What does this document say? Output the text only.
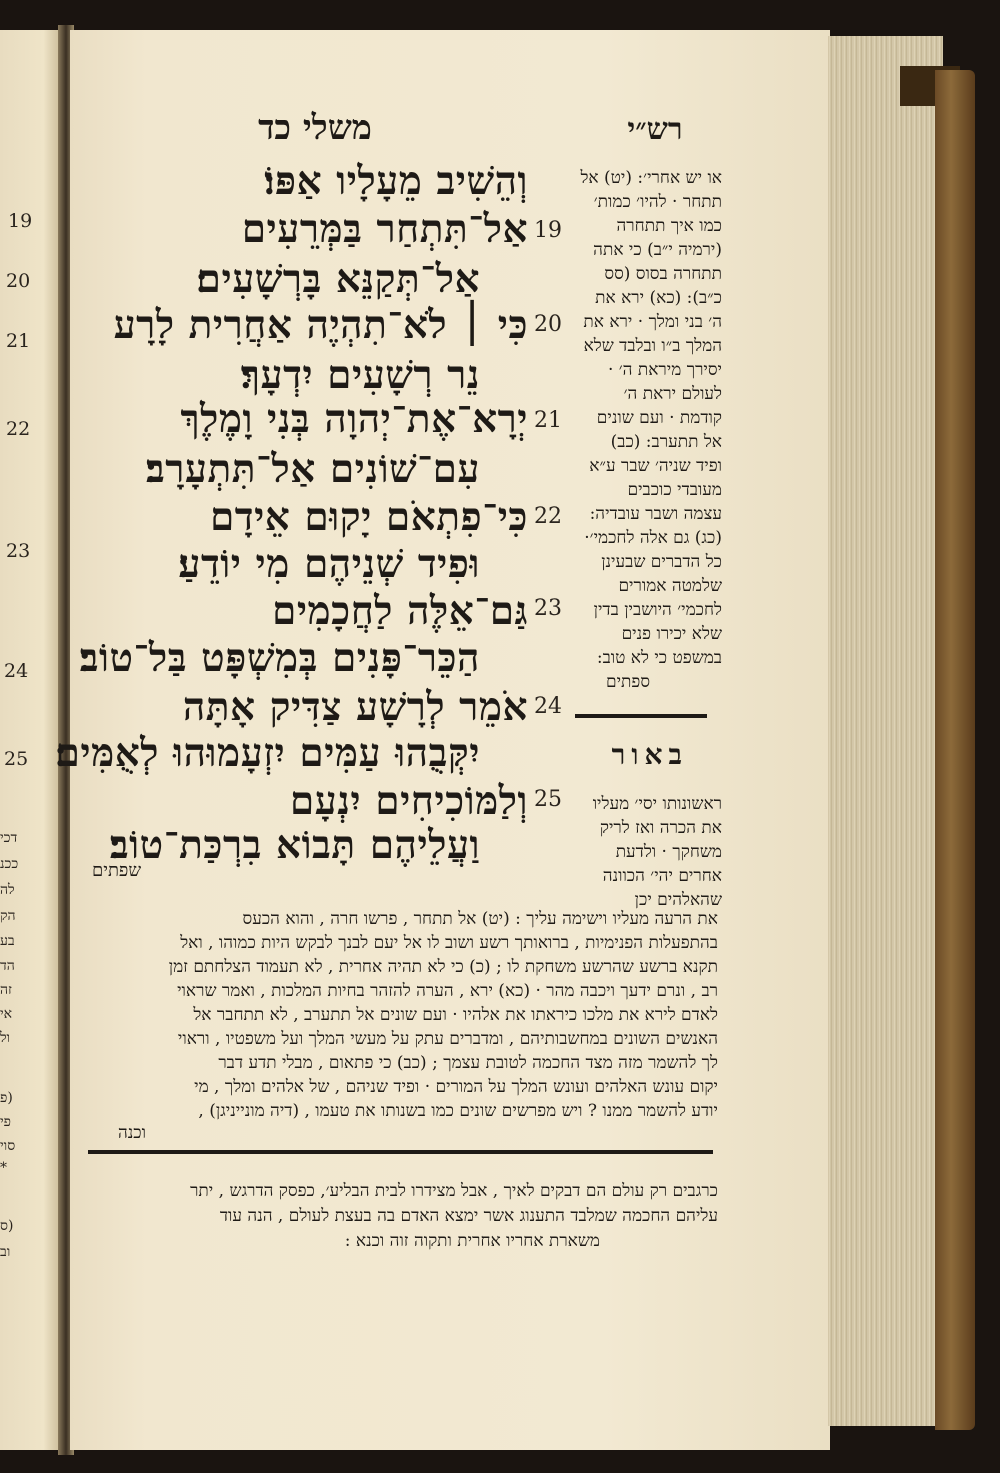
19
20
21
22
23
24
25
דכי
ככנ
לה
הק
בע
הד
זה
אי
ול
(פ
פי
סוי
*
(ס
וב
משלי כד	רש״י
וְהֵשִׁיב מֵעָלָיו אַפּוֹ׃
אַל־תִּתְחַר בַּמְּרֵעִים
אַל־תְּקַנֵּא בָּרְשָׁעִים׃
כִּי ׀ לֹא־תִהְיֶה אַחֲרִית לָרָע
נֵר רְשָׁעִים יִדְעָךְ׃
יְרָא־אֶת־יְהוָה בְּנִי וָמֶלֶךְ
עִם־שׁוֹנִים אַל־תִּתְעָרָב׃
כִּי־פִתְאֹם יָקוּם אֵידָם
וּפִיד שְׁנֵיהֶם מִי יוֹדֵעַ׃
גַּם־אֵלֶּה לַחֲכָמִים
הַכֵּר־פָּנִים בְּמִשְׁפָּט בַּל־טוֹב׃
אֹמֵר לְרָשָׁע צַדִּיק אָתָּה
יִקְּבֻהוּ עַמִּים יִזְעָמוּהוּ לְאֻמִּים׃
וְלַמּוֹכִיחִים יִנְעָם
וַעֲלֵיהֶם תָּבוֹא בִרְכַּת־טוֹב׃
19
20
21
22
23
24
25
או יש אחרי׳: (יט) אל
תתחר · להיו׳ כמות׳
כמו איך תתחרה
(ירמיה י״ב) כי אתה
תתחרה בסוס (סס
כ״ב): (כא) ירא את
ה׳ בני ומלך · ירא את
המלך ב״ו ובלבד שלא
יסירך מיראת ה׳ ·
לעולם יראת ה׳
קודמת · ועם שונים
אל תתערב: (כב)
ופיד שניה׳ שבר ע״א
מעובדי כוכבים
עצמה ושבר עובדיה:
(כג) גם אלה לחכמי׳·
כל הדברים שבעינן
שלמטה אמורים
לחכמי׳ היושבין בדין
שלא יכירו פנים
במשפט כי לא טוב:
ספתים
באור
ראשונותו יסי׳ מעליו
את הכרה ואז לריק
משחקך · ולדעת
אחרים יהי׳ הכוונה
שהאלהים יכן
שפתים
את הרעה מעליו וישימה עליך : (יט) אל תתחר , פרשו חרה , והוא הכעס
בהתפעלות הפנימיות , ברואותך רשע ושוב לו אל יעם לבנך לבקש היות כמוהו , ואל
תקנא ברשע שהרשע משחקת לו ; (כ) כי לא תהיה אחרית , לא תעמוד הצלחתם זמן
רב , ונרם ידעך ויכבה מהר · (כא) ירא , הערה להזהר בחיות המלכות , ואמר שראוי
לאדם לירא את מלכו כיראתו את אלהיו · ועם שונים אל תתערב , לא תתחבר אל
האנשים השונים במחשבותיהם , ומדברים עתק על מעשי המלך ועל משפטיו , וראוי
לך להשמר מזה מצד החכמה לטובת עצמך ; (כב) כי פתאום , מבלי תדע דבר
יקום עונש האלהים ועונש המלך על המורים · ופיד שניהם , של אלהים ומלך , מי
יודע להשמר ממנו ? ויש מפרשים שונים כמו בשנותו את טעמו , (דיה מונייניגן) ,
וכנה
כרגבים רק עולם הם דבקים לאיך , אבל מצידרו לבית הבליע׳, כפסק הדרגש , יתר
עליהם החכמה שמלבד התענוג אשר ימצא האדם בה בעצת לעולם , הנה עוד
משארת אחריו אחרית ותקוה זוה וכנא :
